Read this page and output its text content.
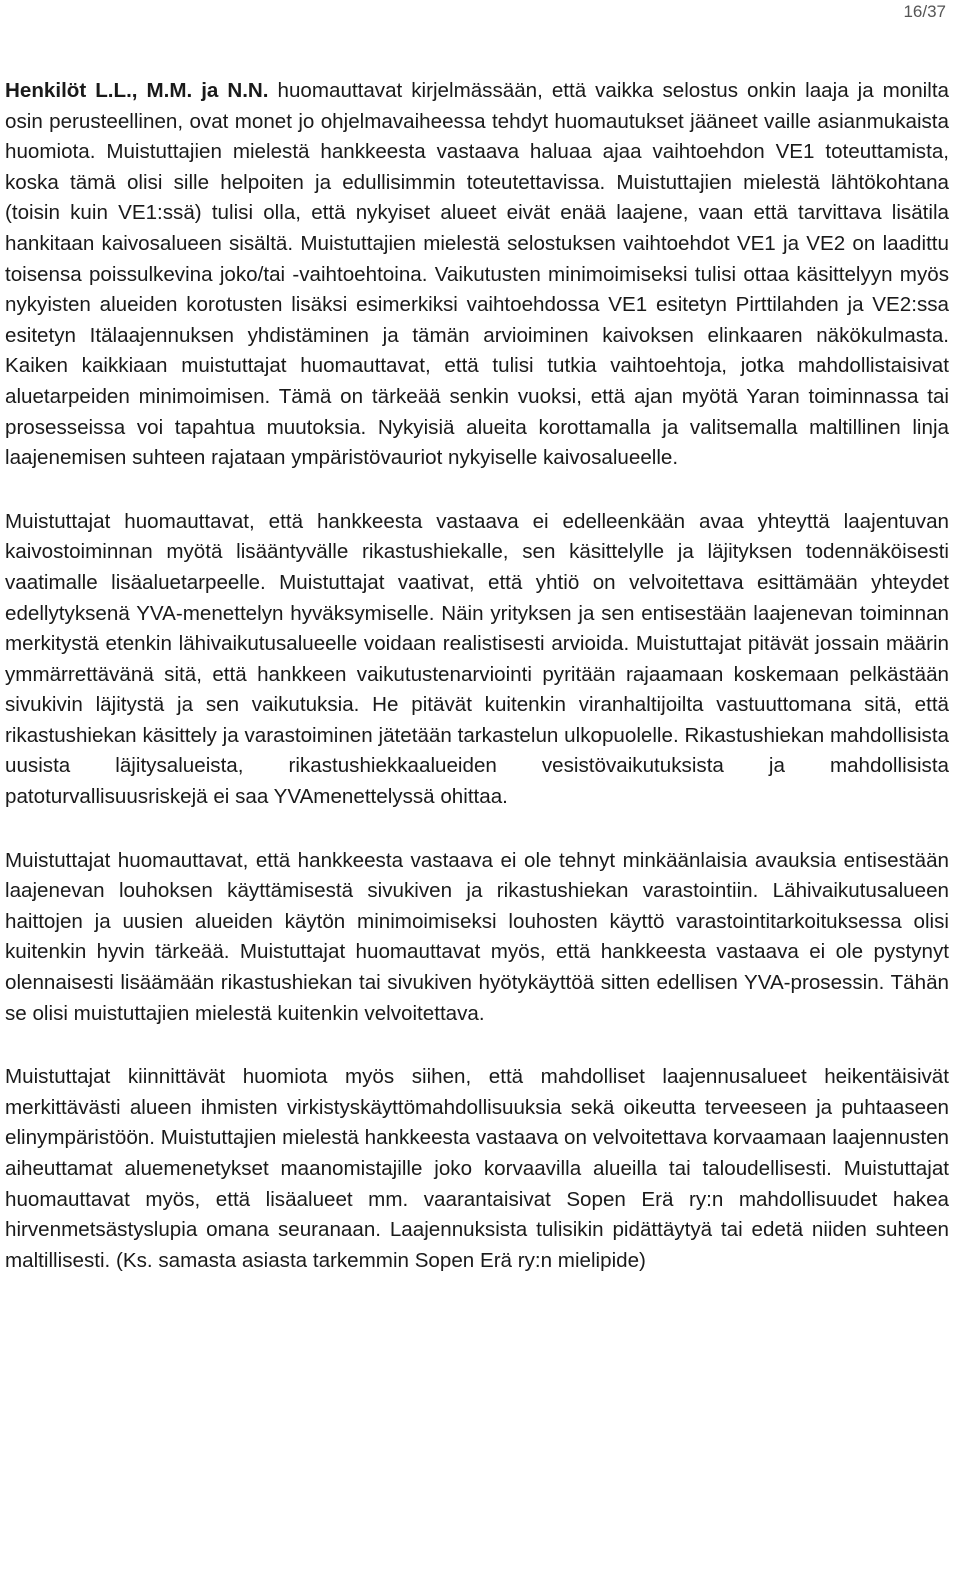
16/37

Henkilöt L.L., M.M. ja N.N. huomauttavat kirjelmässään, että vaikka selostus onkin laaja ja monilta osin perusteellinen, ovat monet jo ohjelmavaiheessa tehdyt huomautukset jääneet vaille asianmukaista huomiota. Muistuttajien mielestä hankkeesta vastaava haluaa ajaa vaihtoehdon VE1 toteuttamista, koska tämä olisi sille helpoiten ja edullisimmin toteutettavissa. Muistuttajien mielestä lähtökohtana (toisin kuin VE1:ssä) tulisi olla, että nykyiset alueet eivät enää laajene, vaan että tarvittava lisätila hankitaan kaivosalueen sisältä. Muistuttajien mielestä selostuksen vaihtoehdot VE1 ja VE2 on laadittu toisensa poissulkevina joko/tai -vaihtoehtoina. Vaikutusten minimoimiseksi tulisi ottaa käsittelyyn myös nykyisten alueiden korotusten lisäksi esimerkiksi vaihtoehdossa VE1 esitetyn Pirttilahden ja VE2:ssa esitetyn Itälaajennuksen yhdistäminen ja tämän arvioiminen kaivoksen elinkaaren näkökulmasta. Kaiken kaikkiaan muistuttajat huomauttavat, että tulisi tutkia vaihtoehtoja, jotka mahdollistaisivat aluetarpeiden minimoimisen. Tämä on tärkeää senkin vuoksi, että ajan myötä Yaran toiminnassa tai prosesseissa voi tapahtua muutoksia. Nykyisiä alueita korottamalla ja valitsemalla maltillinen linja laajenemisen suhteen rajataan ympäristövauriot nykyiselle kaivosalueelle.

Muistuttajat huomauttavat, että hankkeesta vastaava ei edelleenkään avaa yhteyttä laajentuvan kaivostoiminnan myötä lisääntyvälle rikastushiekalle, sen käsittelylle ja läjityksen todennäköisesti vaatimalle lisäaluetarpeelle. Muistuttajat vaativat, että yhtiö on velvoitettava esittämään yhteydet edellytyksenä YVA-menettelyn hyväksymiselle. Näin yrityksen ja sen entisestään laajenevan toiminnan merkitystä etenkin lähivaikutusalueelle voidaan realistisesti arvioida. Muistuttajat pitävät jossain määrin ymmärrettävänä sitä, että hankkeen vaikutustenarviointi pyritään rajaamaan koskemaan pelkästään sivukivin läjitystä ja sen vaikutuksia. He pitävät kuitenkin viranhaltijoilta vastuuttomana sitä, että rikastushiekan käsittely ja varastoiminen jätetään tarkastelun ulkopuolelle. Rikastushiekan mahdollisista uusista läjitysalueista, rikastushiekkaalueiden vesistövaikutuksista ja mahdollisista patoturvallisuusriskejä ei saa YVAmenettelyssä ohittaa.

Muistuttajat huomauttavat, että hankkeesta vastaava ei ole tehnyt minkäänlaisia avauksia entisestään laajenevan louhoksen käyttämisestä sivukiven ja rikastushiekan varastointiin. Lähivaikutusalueen haittojen ja uusien alueiden käytön minimoimiseksi louhosten käyttö varastointitarkoituksessa olisi kuitenkin hyvin tärkeää. Muistuttajat huomauttavat myös, että hankkeesta vastaava ei ole pystynyt olennaisesti lisäämään rikastushiekan tai sivukiven hyötykäyttöä sitten edellisen YVA-prosessin. Tähän se olisi muistuttajien mielestä kuitenkin velvoitettava.

Muistuttajat kiinnittävät huomiota myös siihen, että mahdolliset laajennusalueet heikentäisivät merkittävästi alueen ihmisten virkistyskäyttömahdollisuuksia sekä oikeutta terveeseen ja puhtaaseen elinympäristöön. Muistuttajien mielestä hankkeesta vastaava on velvoitettava korvaamaan laajennusten aiheuttamat aluemenetykset maanomistajille joko korvaavilla alueilla tai taloudellisesti. Muistuttajat huomauttavat myös, että lisäalueet mm. vaarantaisivat Sopen Erä ry:n mahdollisuudet hakea hirvenmetsästyslupia omana seuranaan. Laajennuksista tulisikin pidättäytyä tai edetä niiden suhteen maltillisesti. (Ks. samasta asiasta tarkemmin Sopen Erä ry:n mielipide)
